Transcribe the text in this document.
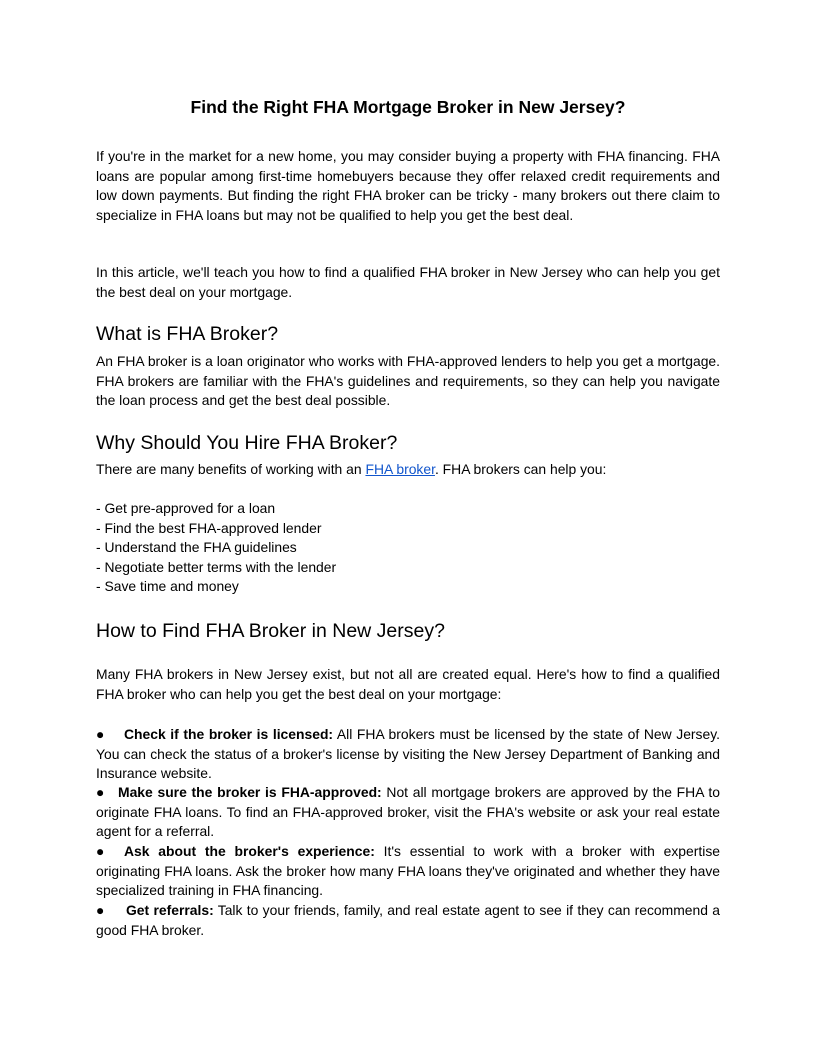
Find the Right FHA Mortgage Broker in New Jersey?

If you're in the market for a new home, you may consider buying a property with FHA financing. FHA loans are popular among first-time homebuyers because they offer relaxed credit requirements and low down payments. But finding the right FHA broker can be tricky - many brokers out there claim to specialize in FHA loans but may not be qualified to help you get the best deal.

In this article, we'll teach you how to find a qualified FHA broker in New Jersey who can help you get the best deal on your mortgage.

What is FHA Broker?

An FHA broker is a loan originator who works with FHA-approved lenders to help you get a mortgage. FHA brokers are familiar with the FHA's guidelines and requirements, so they can help you navigate the loan process and get the best deal possible.

Why Should You Hire FHA Broker?

There are many benefits of working with an FHA broker. FHA brokers can help you:

- Get pre-approved for a loan
- Find the best FHA-approved lender
- Understand the FHA guidelines
- Negotiate better terms with the lender
- Save time and money
How to Find FHA Broker in New Jersey?

Many FHA brokers in New Jersey exist, but not all are created equal. Here's how to find a qualified FHA broker who can help you get the best deal on your mortgage:

● Check if the broker is licensed: All FHA brokers must be licensed by the state of New Jersey. You can check the status of a broker's license by visiting the New Jersey Department of Banking and Insurance website.

● Make sure the broker is FHA-approved: Not all mortgage brokers are approved by the FHA to originate FHA loans. To find an FHA-approved broker, visit the FHA's website or ask your real estate agent for a referral.

● Ask about the broker's experience: It's essential to work with a broker with expertise originating FHA loans. Ask the broker how many FHA loans they've originated and whether they have specialized training in FHA financing.

● Get referrals: Talk to your friends, family, and real estate agent to see if they can recommend a good FHA broker.
